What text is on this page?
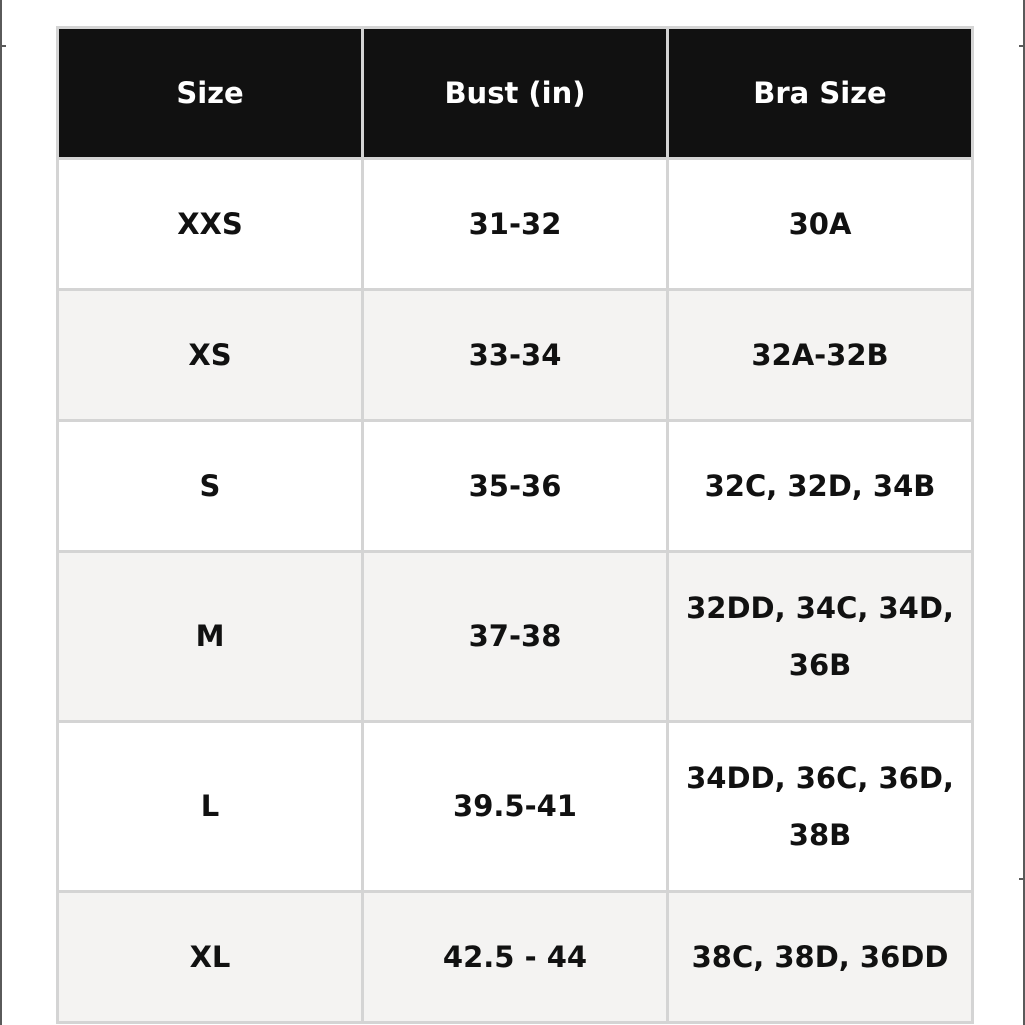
Size	Bust (in)	Bra Size
XXS	31-32	30A
XS	33-34	32A-32B
S	35-36	32C, 32D, 34B
M	37-38	32DD, 34C, 34D, 36B
L	39.5-41	34DD, 36C, 36D, 38B
XL	42.5 - 44	38C, 38D, 36DD
